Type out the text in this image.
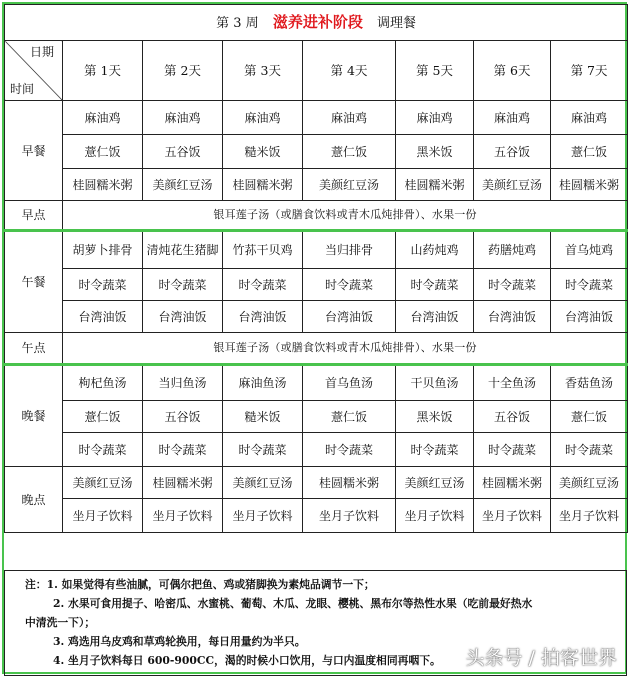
第 3 周 滋养进补阶段 调理餐							

日期
时间	第 1天	第 2天	第 3天	第 4天	第 5天	第 6天	第 7天
早餐	麻油鸡	麻油鸡	麻油鸡	麻油鸡	麻油鸡	麻油鸡	麻油鸡
	薏仁饭	五谷饭	糙米饭	薏仁饭	黑米饭	五谷饭	薏仁饭
	桂圆糯米粥	美颜红豆汤	桂圆糯米粥	美颜红豆汤	桂圆糯米粥	美颜红豆汤	桂圆糯米粥
早点	银耳莲子汤（或膳食饮料或青木瓜炖排骨）、水果一份						
午餐	胡萝卜排骨	清炖花生猪脚	竹荪干贝鸡	当归排骨	山药炖鸡	药膳炖鸡	首乌炖鸡
	时令蔬菜	时令蔬菜	时令蔬菜	时令蔬菜	时令蔬菜	时令蔬菜	时令蔬菜
	台湾油饭	台湾油饭	台湾油饭	台湾油饭	台湾油饭	台湾油饭	台湾油饭
午点	银耳莲子汤（或膳食饮料或青木瓜炖排骨）、水果一份						
晚餐	枸杞鱼汤	当归鱼汤	麻油鱼汤	首乌鱼汤	干贝鱼汤	十全鱼汤	香菇鱼汤
	薏仁饭	五谷饭	糙米饭	薏仁饭	黑米饭	五谷饭	薏仁饭
	时令蔬菜	时令蔬菜	时令蔬菜	时令蔬菜	时令蔬菜	时令蔬菜	时令蔬菜
晚点	美颜红豆汤	桂圆糯米粥	美颜红豆汤	桂圆糯米粥	美颜红豆汤	桂圆糯米粥	美颜红豆汤
	坐月子饮料	坐月子饮料	坐月子饮料	坐月子饮料	坐月子饮料	坐月子饮料	坐月子饮料
注：1. 如果觉得有些油腻，可偶尔把鱼、鸡或猪脚换为素炖品调节一下；
2. 水果可食用提子、哈密瓜、水蜜桃、葡萄、木瓜、龙眼、樱桃、黑布尔等热性水果（吃前最好热水
中清洗一下）；
3. 鸡选用乌皮鸡和草鸡轮换用，每日用量约为半只。
4. 坐月子饮料每日 600-900CC，渴的时候小口饮用，与口内温度相同再咽下。	头条号 / 拍客世界
